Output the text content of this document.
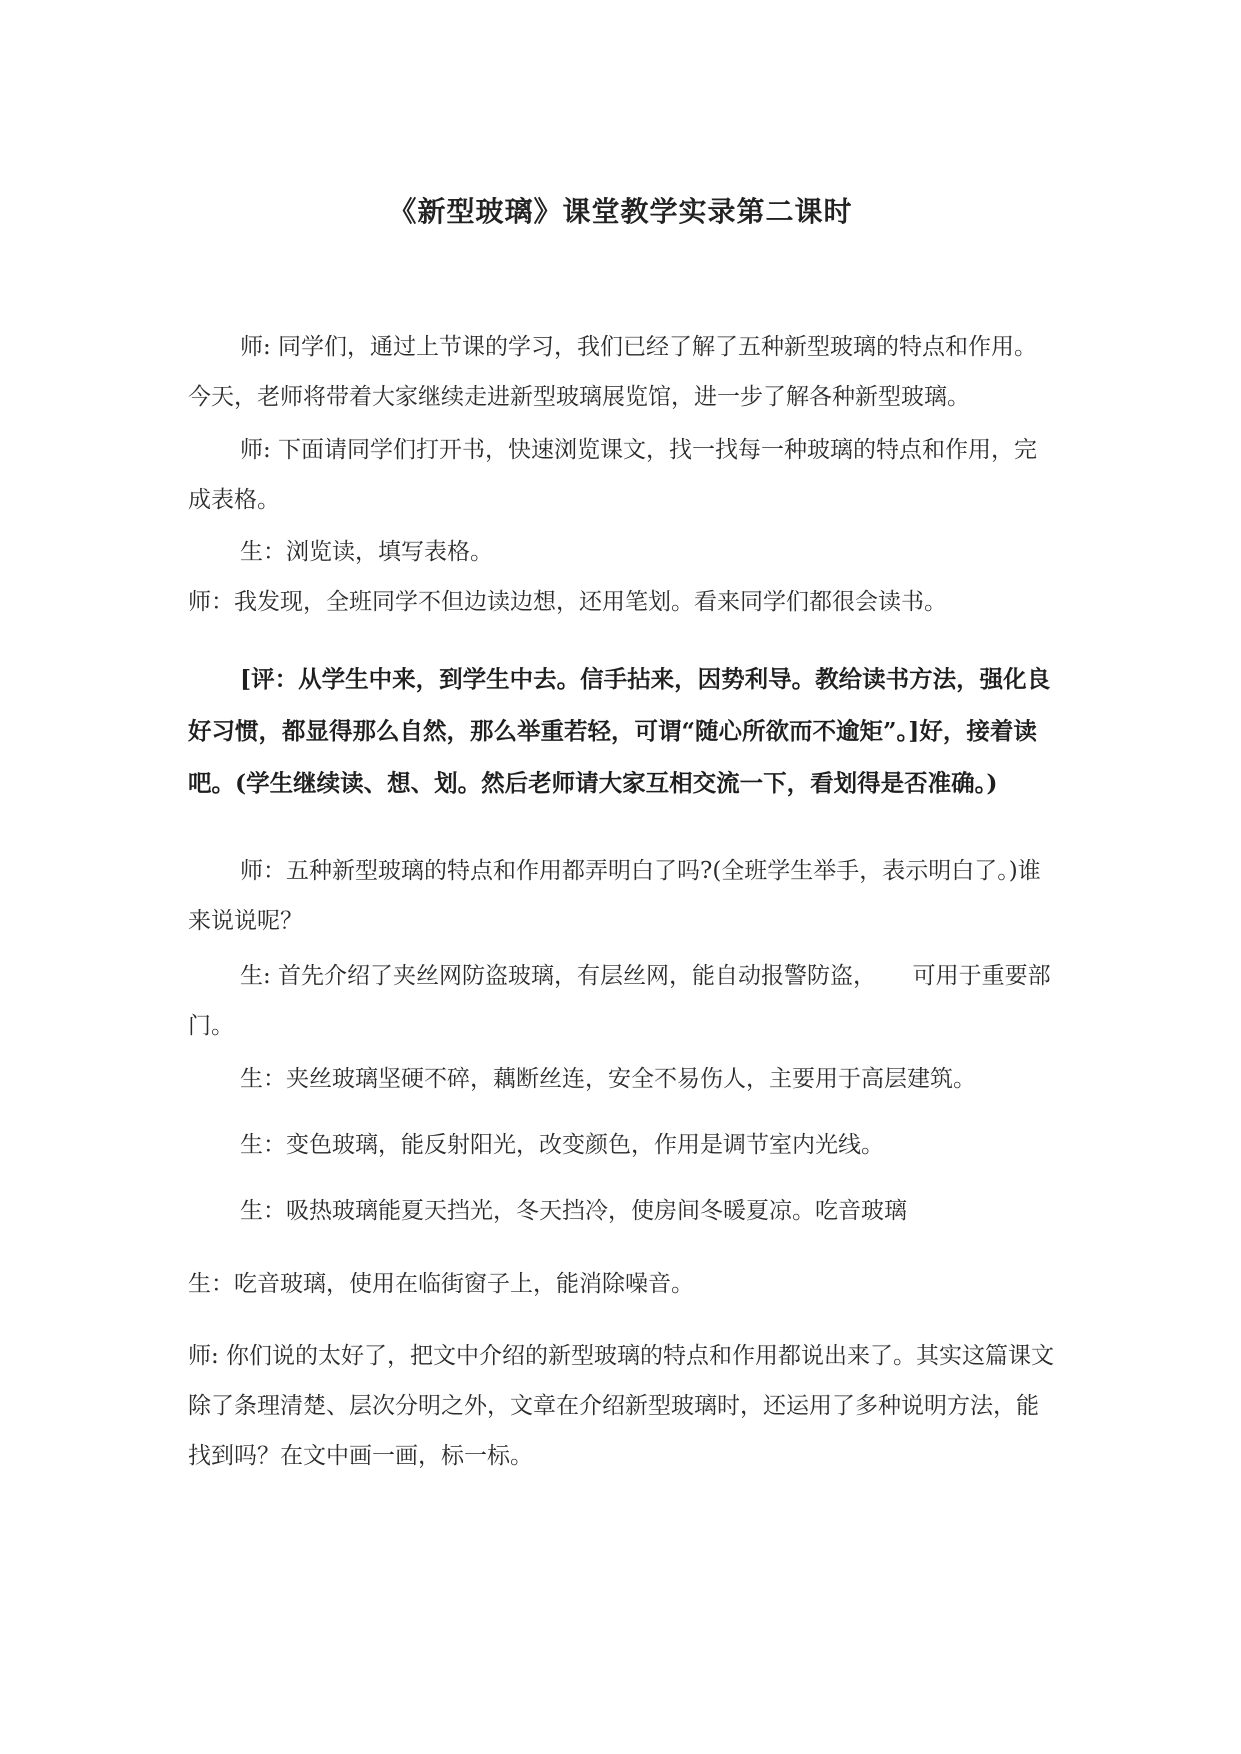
《新型玻璃》课堂教学实录第二课时

师: 同学们，通过上节课的学习，我们已经了解了五种新型玻璃的特点和作用。今天，老师将带着大家继续走进新型玻璃展览馆，进一步了解各种新型玻璃。

师: 下面请同学们打开书，快速浏览课文，找一找每一种玻璃的特点和作用，完成表格。

生：浏览读，填写表格。

师：我发现，全班同学不但边读边想，还用笔划。看来同学们都很会读书。

[评：从学生中来，到学生中去。信手拈来，因势利导。教给读书方法，强化良好习惯，都显得那么自然，那么举重若轻，可谓“随心所欲而不逾矩”。]好，接着读吧。(学生继续读、想、划。然后老师请大家互相交流一下，看划得是否准确。)

师：五种新型玻璃的特点和作用都弄明白了吗?(全班学生举手，表示明白了。)谁来说说呢？

生: 首先介绍了夹丝网防盗玻璃，有层丝网，能自动报警防盗，     可用于重要部门。

生：夹丝玻璃坚硬不碎，藕断丝连，安全不易伤人，主要用于高层建筑。

生：变色玻璃，能反射阳光，改变颜色，作用是调节室内光线。

生：吸热玻璃能夏天挡光，冬天挡冷，使房间冬暖夏凉。吃音玻璃

生：吃音玻璃，使用在临街窗子上，能消除噪音。

师: 你们说的太好了，把文中介绍的新型玻璃的特点和作用都说出来了。其实这篇课文除了条理清楚、层次分明之外，文章在介绍新型玻璃时，还运用了多种说明方法，能找到吗？在文中画一画，标一标。
